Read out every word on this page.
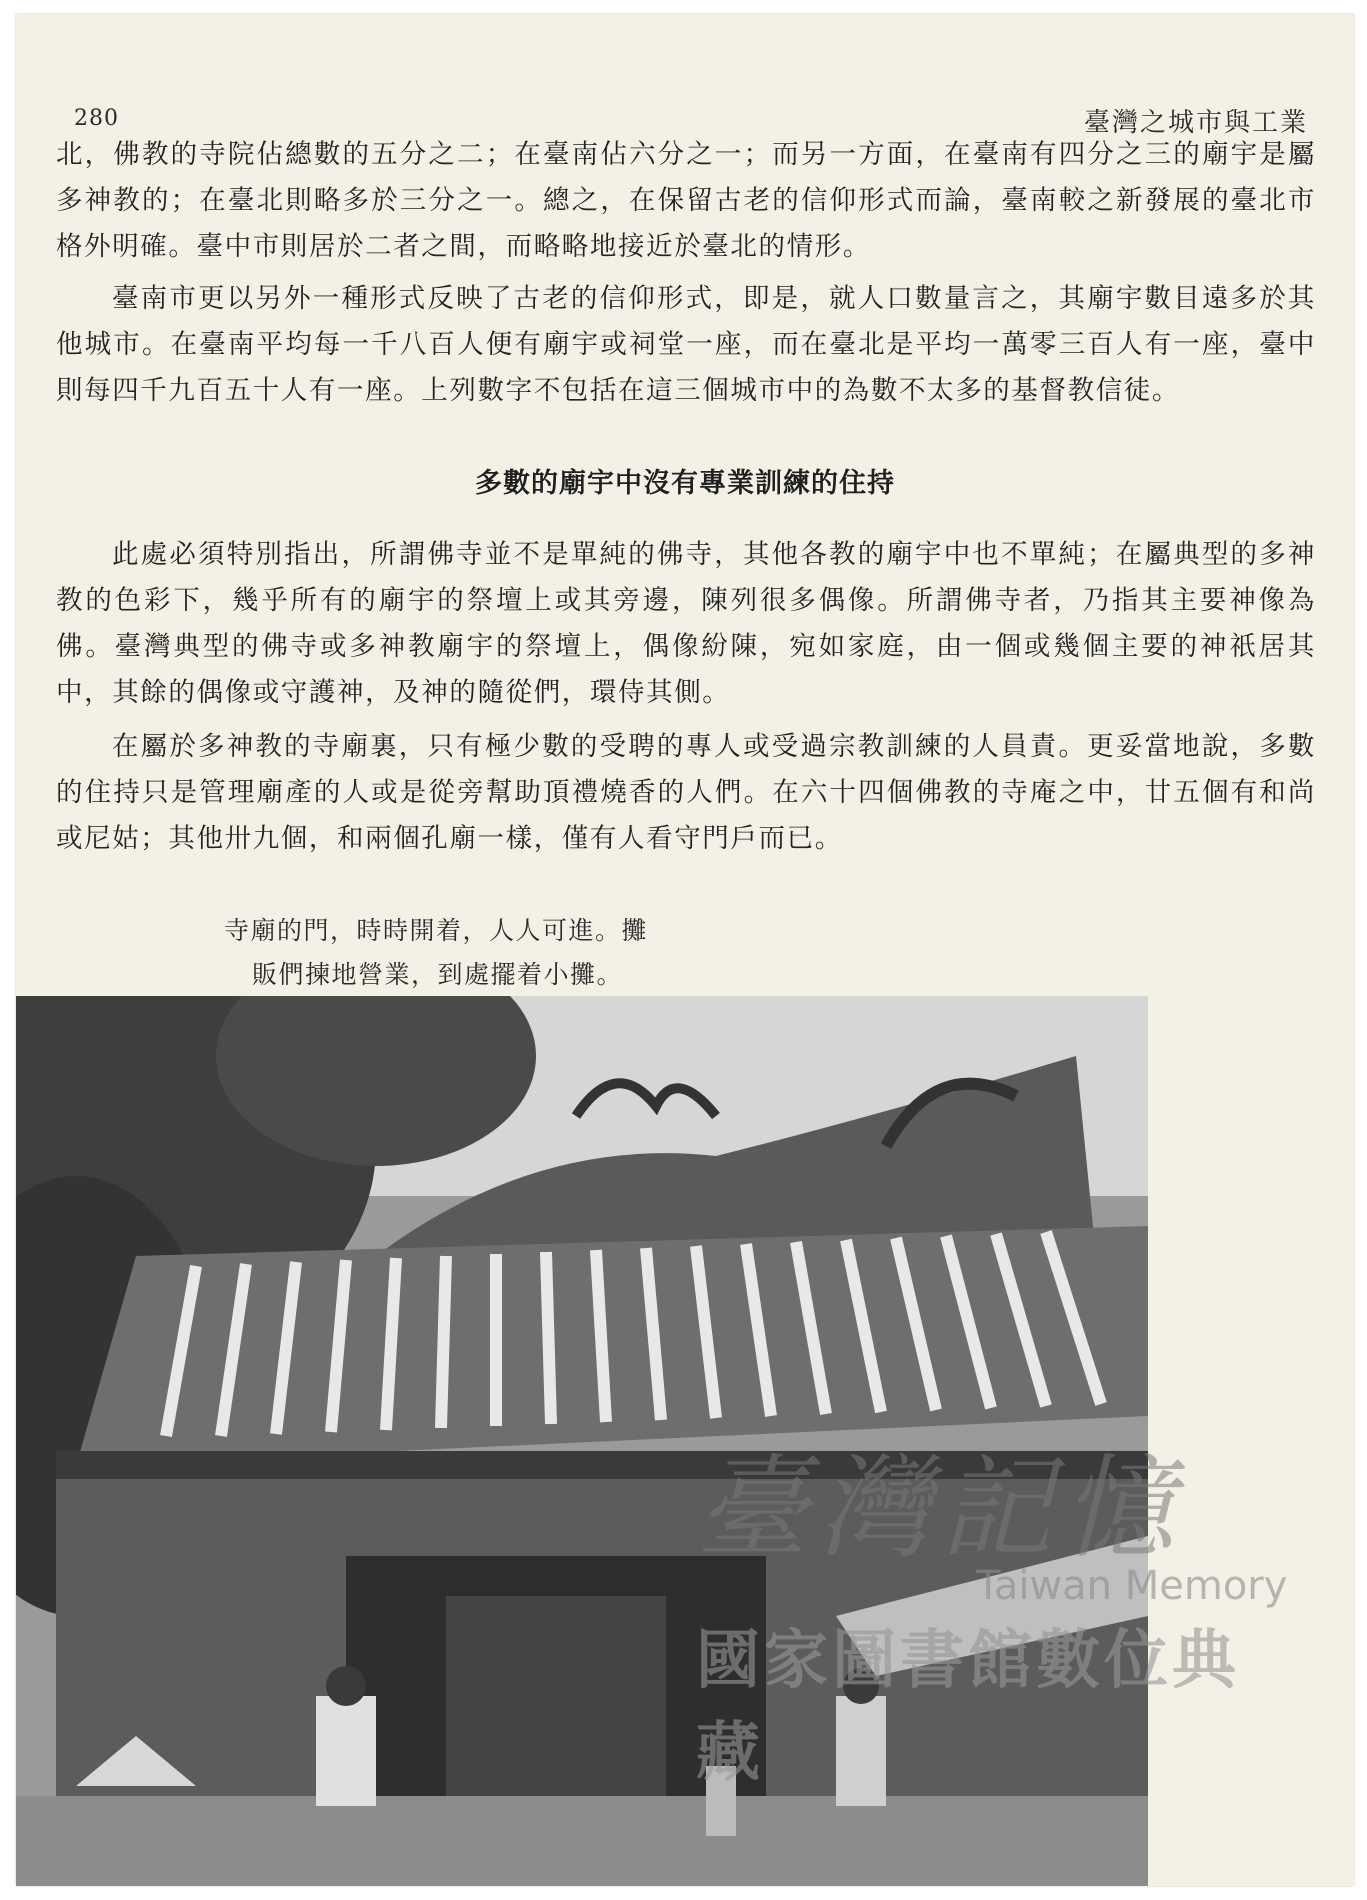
280	臺灣之城市與工業

北，佛教的寺院佔總數的五分之二；在臺南佔六分之一；而另一方面，在臺南有四分之三的廟宇是屬多神教的；在臺北則略多於三分之一。總之，在保留古老的信仰形式而論，臺南較之新發展的臺北市格外明確。臺中市則居於二者之間，而略略地接近於臺北的情形。

臺南市更以另外一種形式反映了古老的信仰形式，即是，就人口數量言之，其廟宇數目遠多於其他城市。在臺南平均每一千八百人便有廟宇或祠堂一座，而在臺北是平均一萬零三百人有一座，臺中則每四千九百五十人有一座。上列數字不包括在這三個城市中的為數不太多的基督教信徒。

多數的廟宇中沒有專業訓練的住持

此處必須特別指出，所謂佛寺並不是單純的佛寺，其他各教的廟宇中也不單純；在屬典型的多神教的色彩下，幾乎所有的廟宇的祭壇上或其旁邊，陳列很多偶像。所謂佛寺者，乃指其主要神像為佛。臺灣典型的佛寺或多神教廟宇的祭壇上，偶像紛陳，宛如家庭，由一個或幾個主要的神祇居其中，其餘的偶像或守護神，及神的隨從們，環侍其側。

在屬於多神教的寺廟裏，只有極少數的受聘的專人或受過宗教訓練的人員責。更妥當地說，多數的住持只是管理廟產的人或是從旁幫助頂禮燒香的人們。在六十四個佛教的寺庵之中，廿五個有和尚或尼姑；其他卅九個，和兩個孔廟一樣，僅有人看守門戶而已。

寺廟的門，時時開着，人人可進。攤
販們揀地營業，到處擺着小攤。
臺灣記憶
Taiwan Memory
國家圖書館數位典藏
